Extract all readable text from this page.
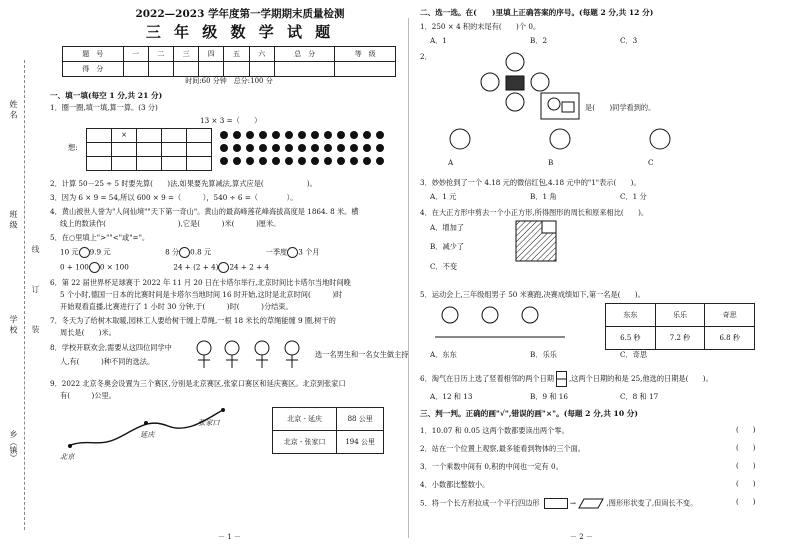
姓 名
班 级
学 校
乡（镇）
线
订
装
2022—2023 学年度第一学期期末质量检测
三 年 级 数 学 试 题
题　号	一	二	三	四	五	六	总　分	等　级
得　分								
时间:60 分钟　总分:100 分
一、填一填(每空 1 分,共 21 分)
1．圈一圈,填一填,算一算。(3 分)
13 × 3 =（　　）
想:
	×			

2．计算 50－25 ÷ 5 时要先算(　　)法,如果要先算减法,算式应是(　　　　　　)。
3．因为 6 × 9 = 54,所以 600 × 9 =（　　　），540 ÷ 6 =（　　　　）。
4．黄山被世人誉为"人间仙境""天下第一奇山"。黄山的最高峰莲花峰海拔高度是 1864. 8 米。横
线上的数读作(　　　　　　　　　　),它是(　　　)米(　　　)厘米。
5．在○里填上">""<"或"="。
10 元 9.9 元	8 分 0.8 元	一季度 3 个月
0 + 100 0 × 100	24 + (2 + 4) 24 + 2 + 4
6．第 22 届世界杯足球赛于 2022 年 11 月 20 日在卡塔尔举行,北京时间比卡塔尔当地时间晚
5 个小时,德国一日本的比赛时间是卡塔尔当地时间 16 时开始,这时是北京时间(　　　)时
开始观看直播,比赛进行了 1 小时 30 分钟,于(　　　)时(　　　)分结束。
7．冬天为了给树木取暖,园林工人要给树干缠上草绳,一根 18 米长的草绳能缠 9 圈,树干的
周长是(　　)米。
8．学校开联欢会,需要从这四位同学中
人,有(　　　)种不同的选法。
选一名男生和一名女生做主持
9．2022 北京冬奥会设置为三个赛区,分别是北京赛区,张家口赛区和延庆赛区。北京到张家口
有(　　　)公里。
北京
延庆
张家口	北京 - 延庆	88 公里
北京 - 张家口	194 公里
－ 1 －
二、选一选。在(　　)里填上正确答案的序号。(每题 2 分,共 12 分)
1．250 × 4 积的末尾有(　　)个 0。
A．1	B．2	C．3
2．
是(　　)同学看到的。
A	B	C
3．妙妙抢到了一个 4.18 元的微信红包,4.18 元中的"1"表示(　　)。
A．1 元	B．1 角	C．1 分
4．在大正方形中剪去一个小正方形,所得图形的周长和原来相比(　　)。
A．增加了
B．减少了
C．不变
5．运动会上,三年级组男子 50 米赛跑,决赛成绩如下,第一名是(　　)。
东东	乐乐	奇思
6.5 秒	7.2 秒	6.8 秒
A．东东	B．乐乐	C．奇思
6．淘气在日历上选了竖着相邻的两个日期 ,这两个日期的和是 25,他选的日期是(　　)。
A．12 和 13	B．9 和 16	C．8 和 17
三、判一判。正确的画"√",错误的画"×"。(每题 2 分,共 10 分)
1．10.07 和 0.05 这两个数都要读出两个零。	(　　)
2．站在一个位置上观察,最多能看到物体的三个面。	(　　)
3．一个乘数中间有 0,积的中间也一定有 0。	(　　)
4．小数都比整数小。	(　　)
5．将一个长方形拉成一个平行四边形	→	,图形形状变了,但周长不变。	(　　)
－ 2 －
